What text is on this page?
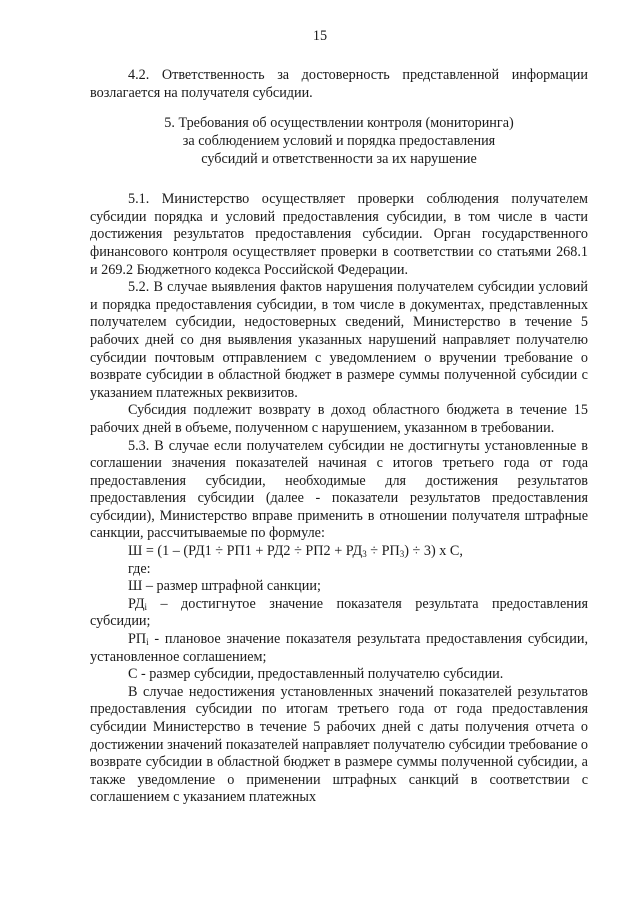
15

4.2. Ответственность за достоверность представленной информации возлагается на получателя субсидии.

5. Требования об осуществлении контроля (мониторинга)
за соблюдением условий и порядка предоставления
субсидий и ответственности за их нарушение

5.1. Министерство осуществляет проверки соблюдения получателем субсидии порядка и условий предоставления субсидии, в том числе в части достижения результатов предоставления субсидии. Орган государственного финансового контроля осуществляет проверки в соответствии со статьями 268.1 и 269.2 Бюджетного кодекса Российской Федерации.

5.2. В случае выявления фактов нарушения получателем субсидии условий и порядка предоставления субсидии, в том числе в документах, представленных получателем субсидии, недостоверных сведений, Министерство в течение 5 рабочих дней со дня выявления указанных нарушений направляет получателю субсидии почтовым отправлением с уведомлением о вручении требование о возврате субсидии в областной бюджет в размере суммы полученной субсидии с указанием платежных реквизитов.

Субсидия подлежит возврату в доход областного бюджета в течение 15 рабочих дней в объеме, полученном с нарушением, указанном в требовании.

5.3. В случае если получателем субсидии не достигнуты установленные в соглашении значения показателей начиная с итогов третьего года от года предоставления субсидии, необходимые для достижения результатов предоставления субсидии (далее - показатели результатов предоставления субсидии), Министерство вправе применить в отношении получателя штрафные санкции, рассчитываемые по формуле:

$Ш = (1 - (РД1 \div РП1 + РД2 \div РП2 + РД_3 \div РП_3) \div 3)$ х С,

где:

Ш – размер штрафной санкции;

$РД_i$ – достигнутое значение показателя результата предоставления субсидии;

$РП_i$ - плановое значение показателя результата предоставления субсидии, установленное соглашением;

С - размер субсидии, предоставленный получателю субсидии.

В случае недостижения установленных значений показателей результатов предоставления субсидии по итогам третьего года от года предоставления субсидии Министерство в течение 5 рабочих дней с даты получения отчета о достижении значений показателей направляет получателю субсидии требование о возврате субсидии в областной бюджет в размере суммы полученной субсидии, а также уведомление о применении штрафных санкций в соответствии с соглашением с указанием платежных
